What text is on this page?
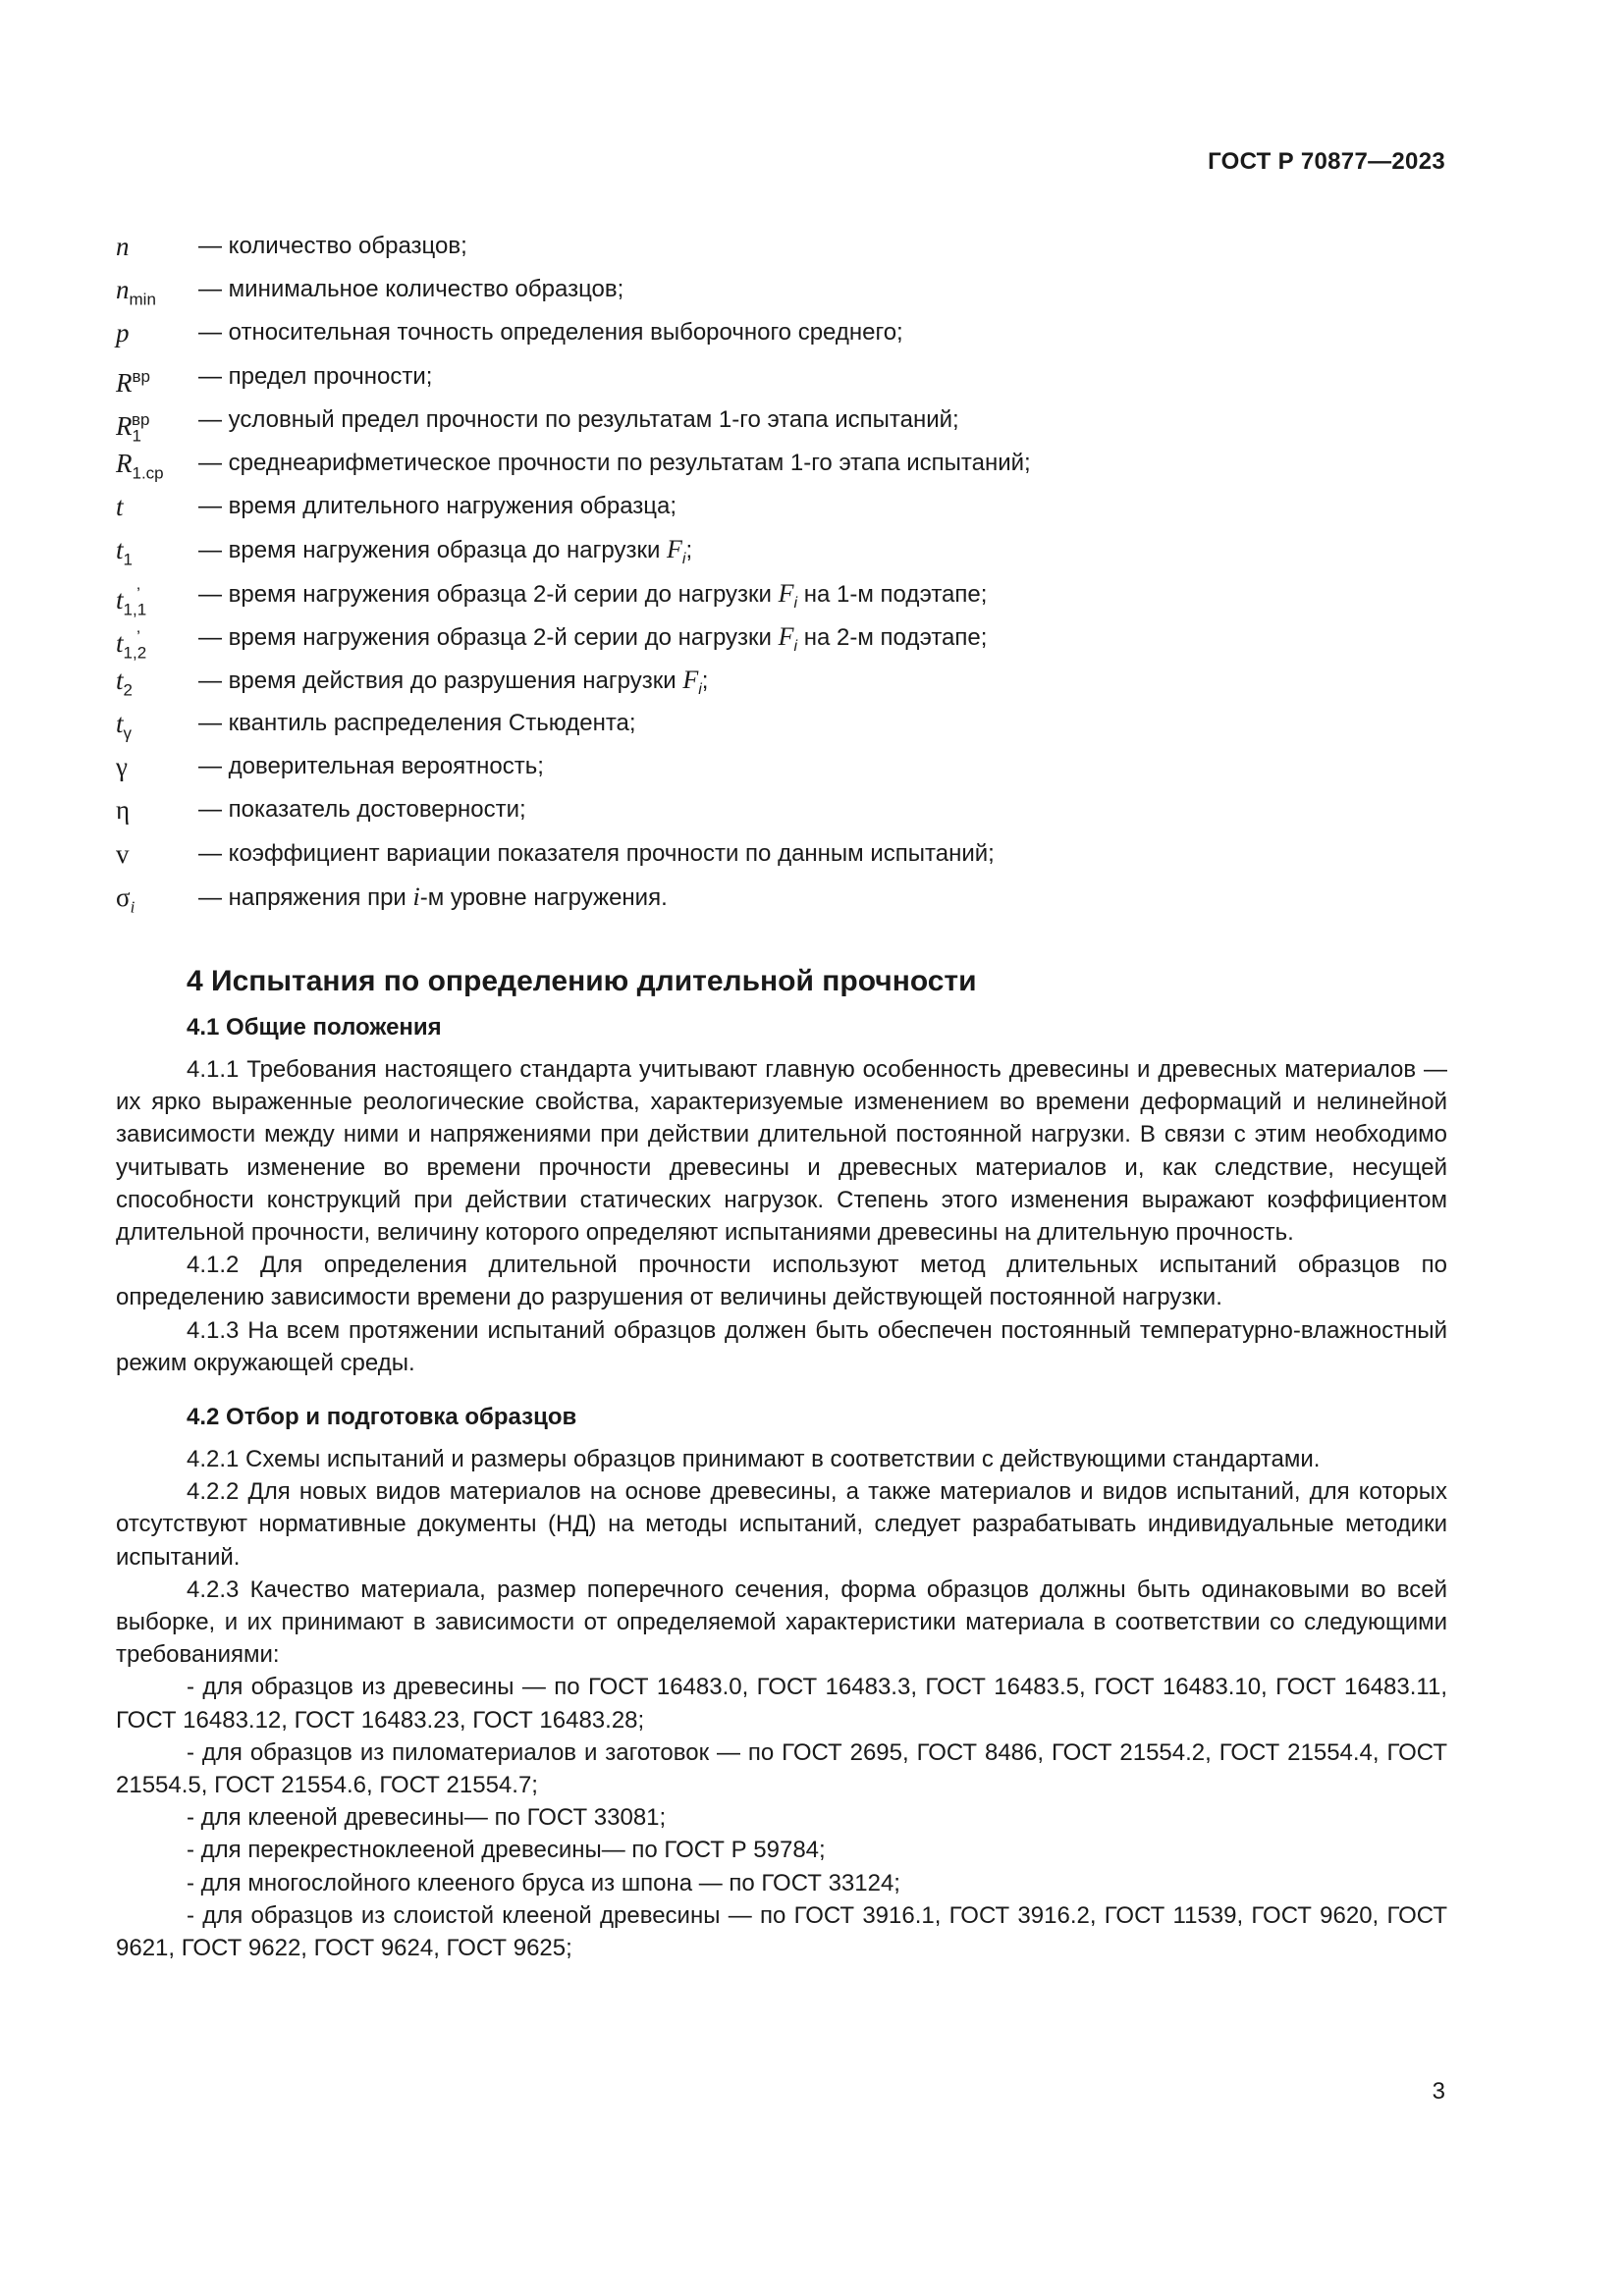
ГОСТ Р 70877—2023
n	— количество образцов;
$n_{min}$	— минимальное количество образцов;
p	— относительная точность определения выборочного среднего;
$R^{вр}$	— предел прочности;
$R_1^{вр}$	— условный предел прочности по результатам 1-го этапа испытаний;
$R_{1.ср}$	— среднеарифметическое прочности по результатам 1-го этапа испытаний;
t	— время длительного нагружения образца;
$t_1$	— время нагружения образца до нагрузки $F_i$;
$t_{1,1}^’$	— время нагружения образца 2-й серии до нагрузки $F_i$ на 1-м подэтапе;
$t_{1,2}^’$	— время нагружения образца 2-й серии до нагрузки $F_i$ на 2-м подэтапе;
$t_2$	— время действия до разрушения нагрузки $F_i$;
$t_\gamma$	— квантиль распределения Стьюдента;
γ	— доверительная вероятность;
η	— показатель достоверности;
v	— коэффициент вариации показателя прочности по данным испытаний;
$\sigma_i$	— напряжения при i-м уровне нагружения.
4 Испытания по определению длительной прочности
4.1 Общие положения

4.1.1 Требования настоящего стандарта учитывают главную особенность древесины и древесных материалов — их ярко выраженные реологические свойства, характеризуемые изменением во времени деформаций и нелинейной зависимости между ними и напряжениями при действии длительной постоянной нагрузки. В связи с этим необходимо учитывать изменение во времени прочности древесины и древесных материалов и, как следствие, несущей способности конструкций при действии статических нагрузок. Степень этого изменения выражают коэффициентом длительной прочности, величину которого определяют испытаниями древесины на длительную прочность.

4.1.2 Для определения длительной прочности используют метод длительных испытаний образцов по определению зависимости времени до разрушения от величины действующей постоянной нагрузки.

4.1.3 На всем протяжении испытаний образцов должен быть обеспечен постоянный температурно-влажностный режим окружающей среды.

4.2 Отбор и подготовка образцов

4.2.1 Схемы испытаний и размеры образцов принимают в соответствии с действующими стандартами.

4.2.2 Для новых видов материалов на основе древесины, а также материалов и видов испытаний, для которых отсутствуют нормативные документы (НД) на методы испытаний, следует разрабатывать индивидуальные методики испытаний.

4.2.3 Качество материала, размер поперечного сечения, форма образцов должны быть одинаковыми во всей выборке, и их принимают в зависимости от определяемой характеристики материала в соответствии со следующими требованиями:

- для образцов из древесины — по ГОСТ 16483.0, ГОСТ 16483.3, ГОСТ 16483.5, ГОСТ 16483.10, ГОСТ 16483.11, ГОСТ 16483.12, ГОСТ 16483.23, ГОСТ 16483.28;

- для образцов из пиломатериалов и заготовок — по ГОСТ 2695, ГОСТ 8486, ГОСТ 21554.2, ГОСТ 21554.4, ГОСТ 21554.5, ГОСТ 21554.6, ГОСТ 21554.7;

- для клееной древесины— по ГОСТ 33081;

- для перекрестноклееной древесины— по ГОСТ Р 59784;

- для многослойного клееного бруса из шпона — по ГОСТ 33124;

- для образцов из слоистой клееной древесины — по ГОСТ 3916.1, ГОСТ 3916.2, ГОСТ 11539, ГОСТ 9620, ГОСТ 9621, ГОСТ 9622, ГОСТ 9624, ГОСТ 9625;

3
